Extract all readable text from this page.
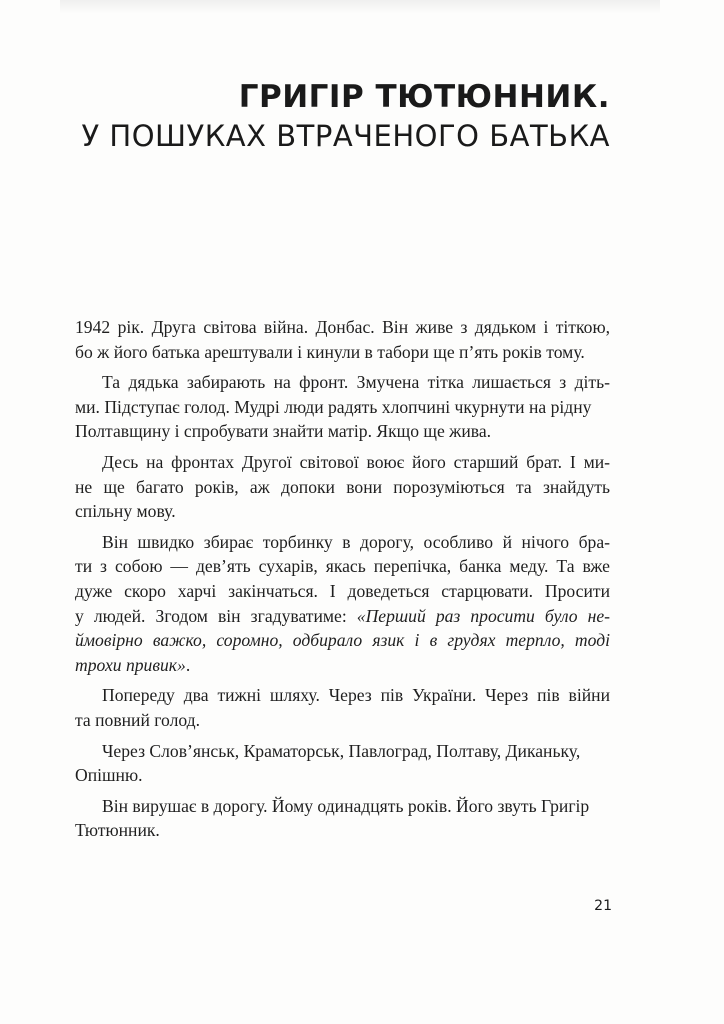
ГРИГІР ТЮТЮННИК.
У ПОШУКАХ ВТРАЧЕНОГО БАТЬКА

1942 рік. Друга світова війна. Донбас. Він живе з дядьком і тіткою,
бо ж його батька арештували і кинули в табори ще п’ять років тому.

Та дядька забирають на фронт. Змучена тітка лишається з діть-
ми. Підступає голод. Мудрі люди радять хлопчині чкурнути на рідну Полтавщину і спробувати знайти матір. Якщо ще жива.

Десь на фронтах Другої світової воює його старший брат. І ми-
не ще багато років, аж допоки вони порозуміються та знайдуть
спільну мову.

Він швидко збирає торбинку в дорогу, особливо й нічого бра-
ти з собою — дев’ять сухарів, якась перепічка, банка меду. Та вже
дуже скоро харчі закінчаться. І доведеться старцювати. Просити
у людей. Згодом він згадуватиме: «Перший раз просити було не-
ймовірно важко, соромно, одбирало язик і в грудях терпло, тоді
трохи привик».

Попереду два тижні шляху. Через пів України. Через пів війни
та повний голод.

Через Слов’янськ, Краматорськ, Павлоград, Полтаву, Диканьку, Опішню.

Він вирушає в дорогу. Йому одинадцять років. Його звуть Григір Тютюнник.

21
